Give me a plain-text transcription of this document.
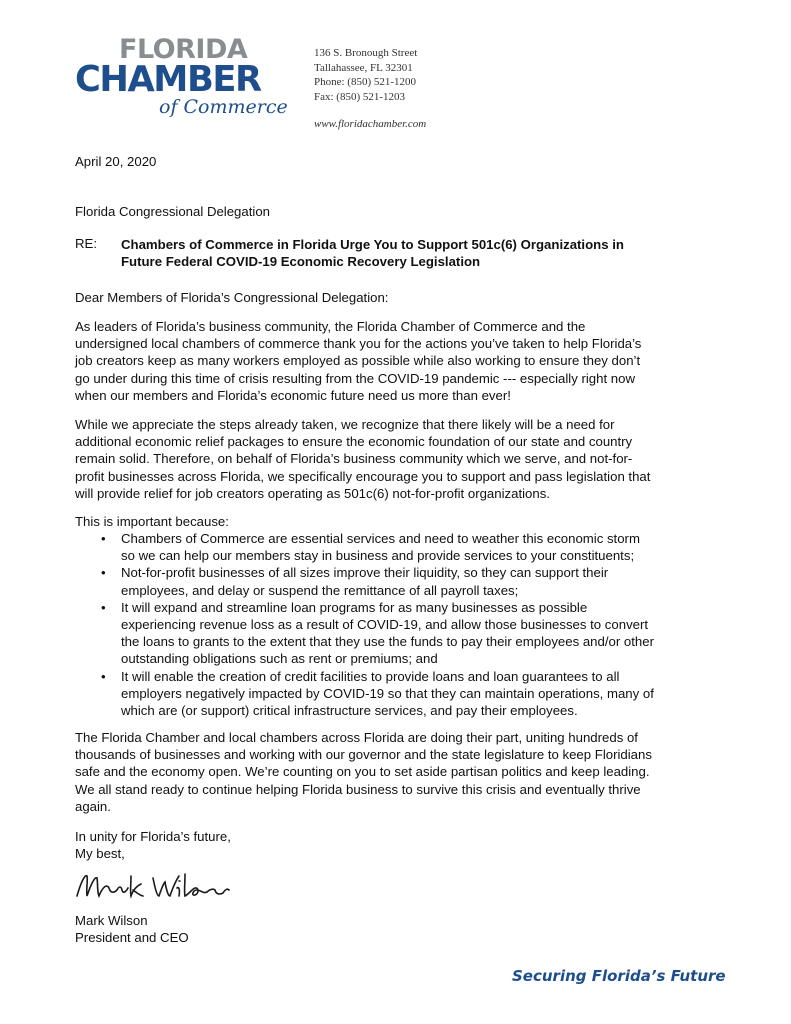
FLORIDA
CHAMBER
of Commerce
136 S. Bronough Street
Tallahassee, FL 32301
Phone: (850) 521-1200
Fax: (850) 521-1203
www.floridachamber.com
April 20, 2020
Florida Congressional Delegation
RE: Chambers of Commerce in Florida Urge You to Support 501c(6) Organizations in
Future Federal COVID-19 Economic Recovery Legislation
Dear Members of Florida’s Congressional Delegation:
As leaders of Florida’s business community, the Florida Chamber of Commerce and the
undersigned local chambers of commerce thank you for the actions you’ve taken to help Florida’s
job creators keep as many workers employed as possible while also working to ensure they don’t
go under during this time of crisis resulting from the COVID-19 pandemic --- especially right now
when our members and Florida’s economic future need us more than ever!
While we appreciate the steps already taken, we recognize that there likely will be a need for
additional economic relief packages to ensure the economic foundation of our state and country
remain solid. Therefore, on behalf of Florida’s business community which we serve, and not-for-
profit businesses across Florida, we specifically encourage you to support and pass legislation that
will provide relief for job creators operating as 501c(6) not-for-profit organizations.
This is important because:
• Chambers of Commerce are essential services and need to weather this economic storm
so we can help our members stay in business and provide services to your constituents;
• Not-for-profit businesses of all sizes improve their liquidity, so they can support their
employees, and delay or suspend the remittance of all payroll taxes;
• It will expand and streamline loan programs for as many businesses as possible
experiencing revenue loss as a result of COVID-19, and allow those businesses to convert
the loans to grants to the extent that they use the funds to pay their employees and/or other
outstanding obligations such as rent or premiums; and
• It will enable the creation of credit facilities to provide loans and loan guarantees to all
employers negatively impacted by COVID-19 so that they can maintain operations, many of
which are (or support) critical infrastructure services, and pay their employees.
The Florida Chamber and local chambers across Florida are doing their part, uniting hundreds of
thousands of businesses and working with our governor and the state legislature to keep Floridians
safe and the economy open. We’re counting on you to set aside partisan politics and keep leading.
We all stand ready to continue helping Florida business to survive this crisis and eventually thrive
again.
In unity for Florida’s future,
My best,
Mark Wilson
President and CEO
Securing Florida’s Future
